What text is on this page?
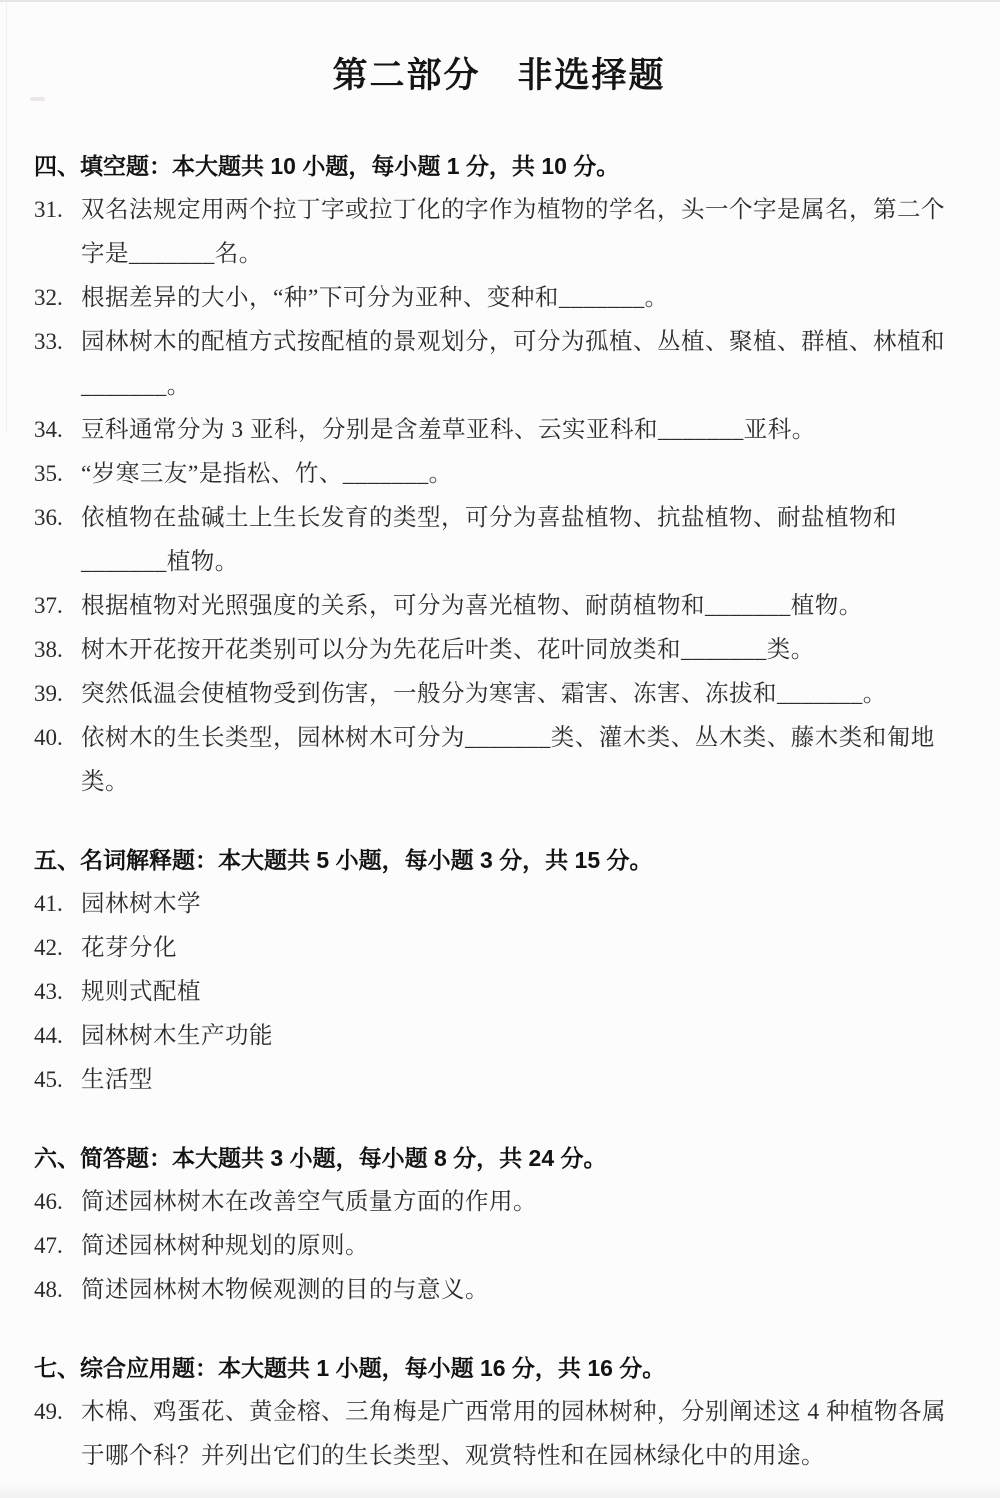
第二部分　非选择题
四、填空题：本大题共 10 小题，每小题 1 分，共 10 分。
31. 双名法规定用两个拉丁字或拉丁化的字作为植物的学名，头一个字是属名，第二个
字是_______名。
32. 根据差异的大小，“种”下可分为亚种、变种和_______。
33. 园林树木的配植方式按配植的景观划分，可分为孤植、丛植、聚植、群植、林植和
_______。
34. 豆科通常分为 3 亚科，分别是含羞草亚科、云实亚科和_______亚科。
35. “岁寒三友”是指松、竹、_______。
36. 依植物在盐碱土上生长发育的类型，可分为喜盐植物、抗盐植物、耐盐植物和
_______植物。
37. 根据植物对光照强度的关系，可分为喜光植物、耐荫植物和_______植物。
38. 树木开花按开花类别可以分为先花后叶类、花叶同放类和_______类。
39. 突然低温会使植物受到伤害，一般分为寒害、霜害、冻害、冻拔和_______。
40. 依树木的生长类型，园林树木可分为_______类、灌木类、丛木类、藤木类和匍地
类。
五、名词解释题：本大题共 5 小题，每小题 3 分，共 15 分。
41. 园林树木学
42. 花芽分化
43. 规则式配植
44. 园林树木生产功能
45. 生活型
六、简答题：本大题共 3 小题，每小题 8 分，共 24 分。
46. 简述园林树木在改善空气质量方面的作用。
47. 简述园林树种规划的原则。
48. 简述园林树木物候观测的目的与意义。
七、综合应用题：本大题共 1 小题，每小题 16 分，共 16 分。
49. 木棉、鸡蛋花、黄金榕、三角梅是广西常用的园林树种，分别阐述这 4 种植物各属
于哪个科？并列出它们的生长类型、观赏特性和在园林绿化中的用途。
